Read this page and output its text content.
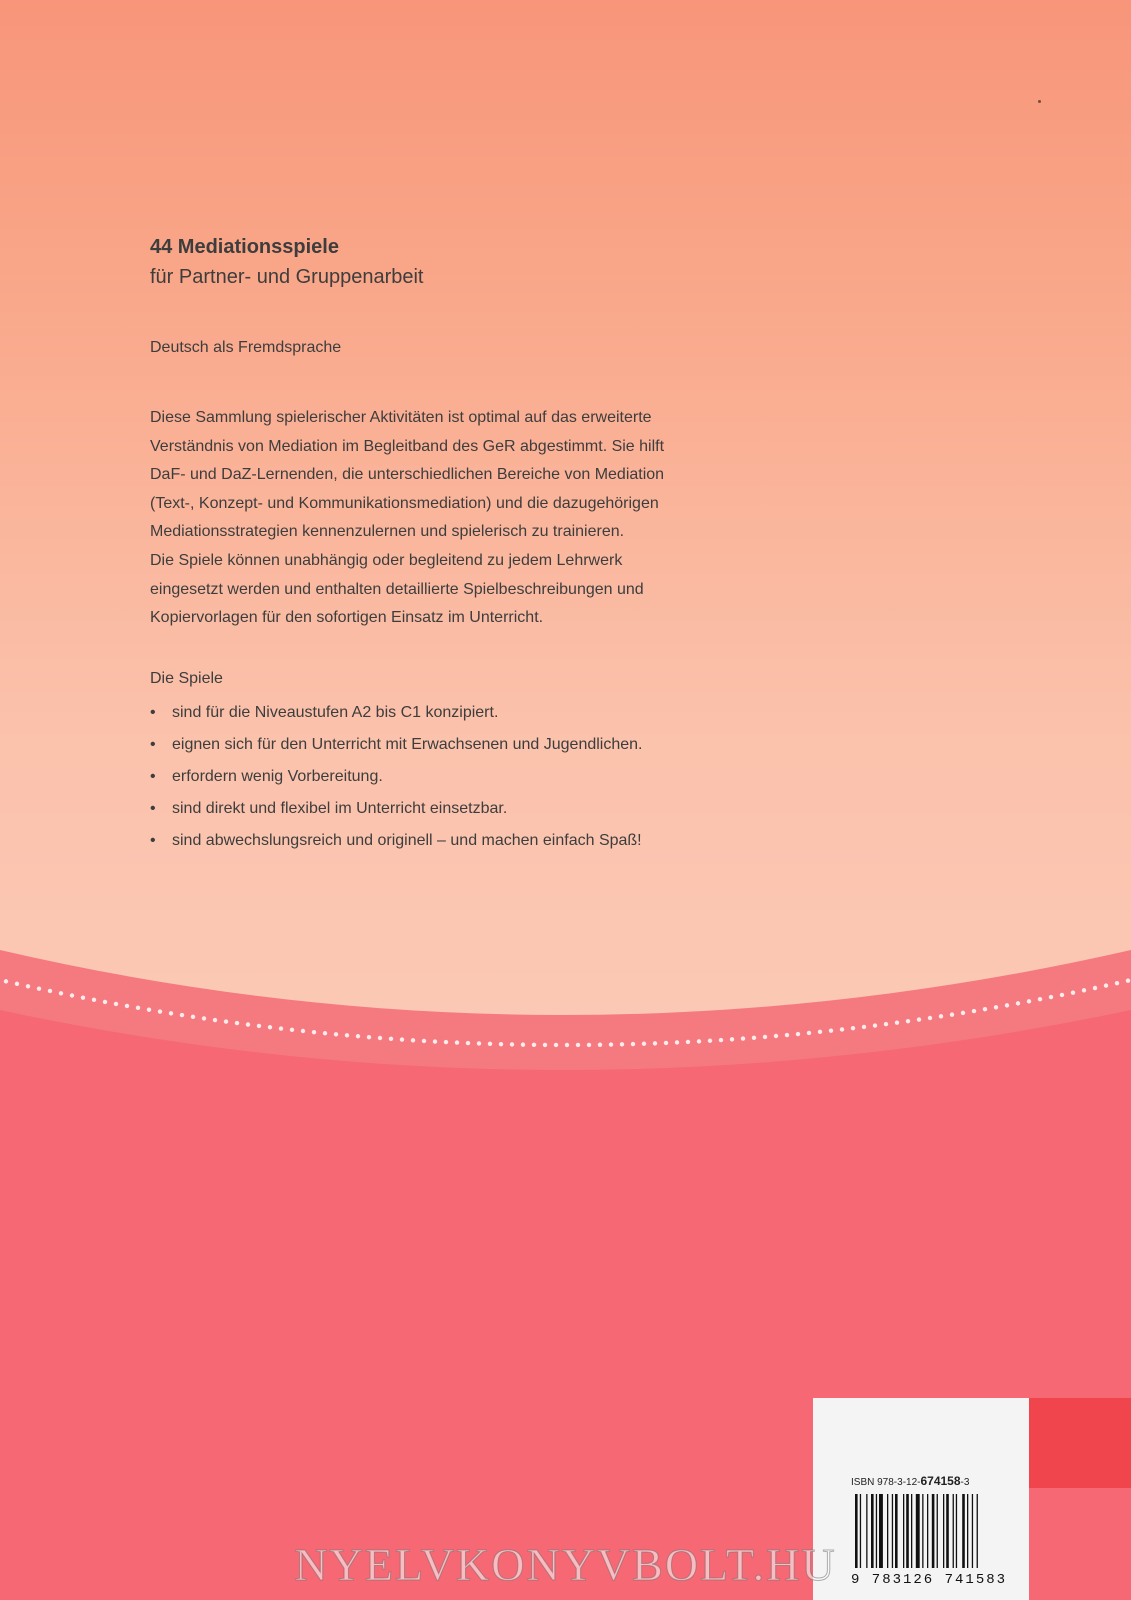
44 Mediationsspiele

für Partner- und Gruppenarbeit

Deutsch als Fremdsprache

Diese Sammlung spielerischer Aktivitäten ist optimal auf das erweiterte
Verständnis von Mediation im Begleitband des GeR abgestimmt. Sie hilft
DaF- und DaZ-Lernenden, die unterschiedlichen Bereiche von Mediation
(Text-, Konzept- und Kommunikationsmediation) und die dazugehörigen
Mediationsstrategien kennenzulernen und spielerisch zu trainieren.
Die Spiele können unabhängig oder begleitend zu jedem Lehrwerk
eingesetzt werden und enthalten detaillierte Spielbeschreibungen und
Kopiervorlagen für den sofortigen Einsatz im Unterricht.

Die Spiele

•	sind für die Niveaustufen A2 bis C1 konzipiert.
•	eignen sich für den Unterricht mit Erwachsenen und Jugendlichen.
•	erfordern wenig Vorbereitung.
•	sind direkt und flexibel im Unterricht einsetzbar.
•	sind abwechslungsreich und originell – und machen einfach Spaß!
ISBN 978-3-12-674158-3
9 783126 741583
NYELVKONYVBOLT.HU
